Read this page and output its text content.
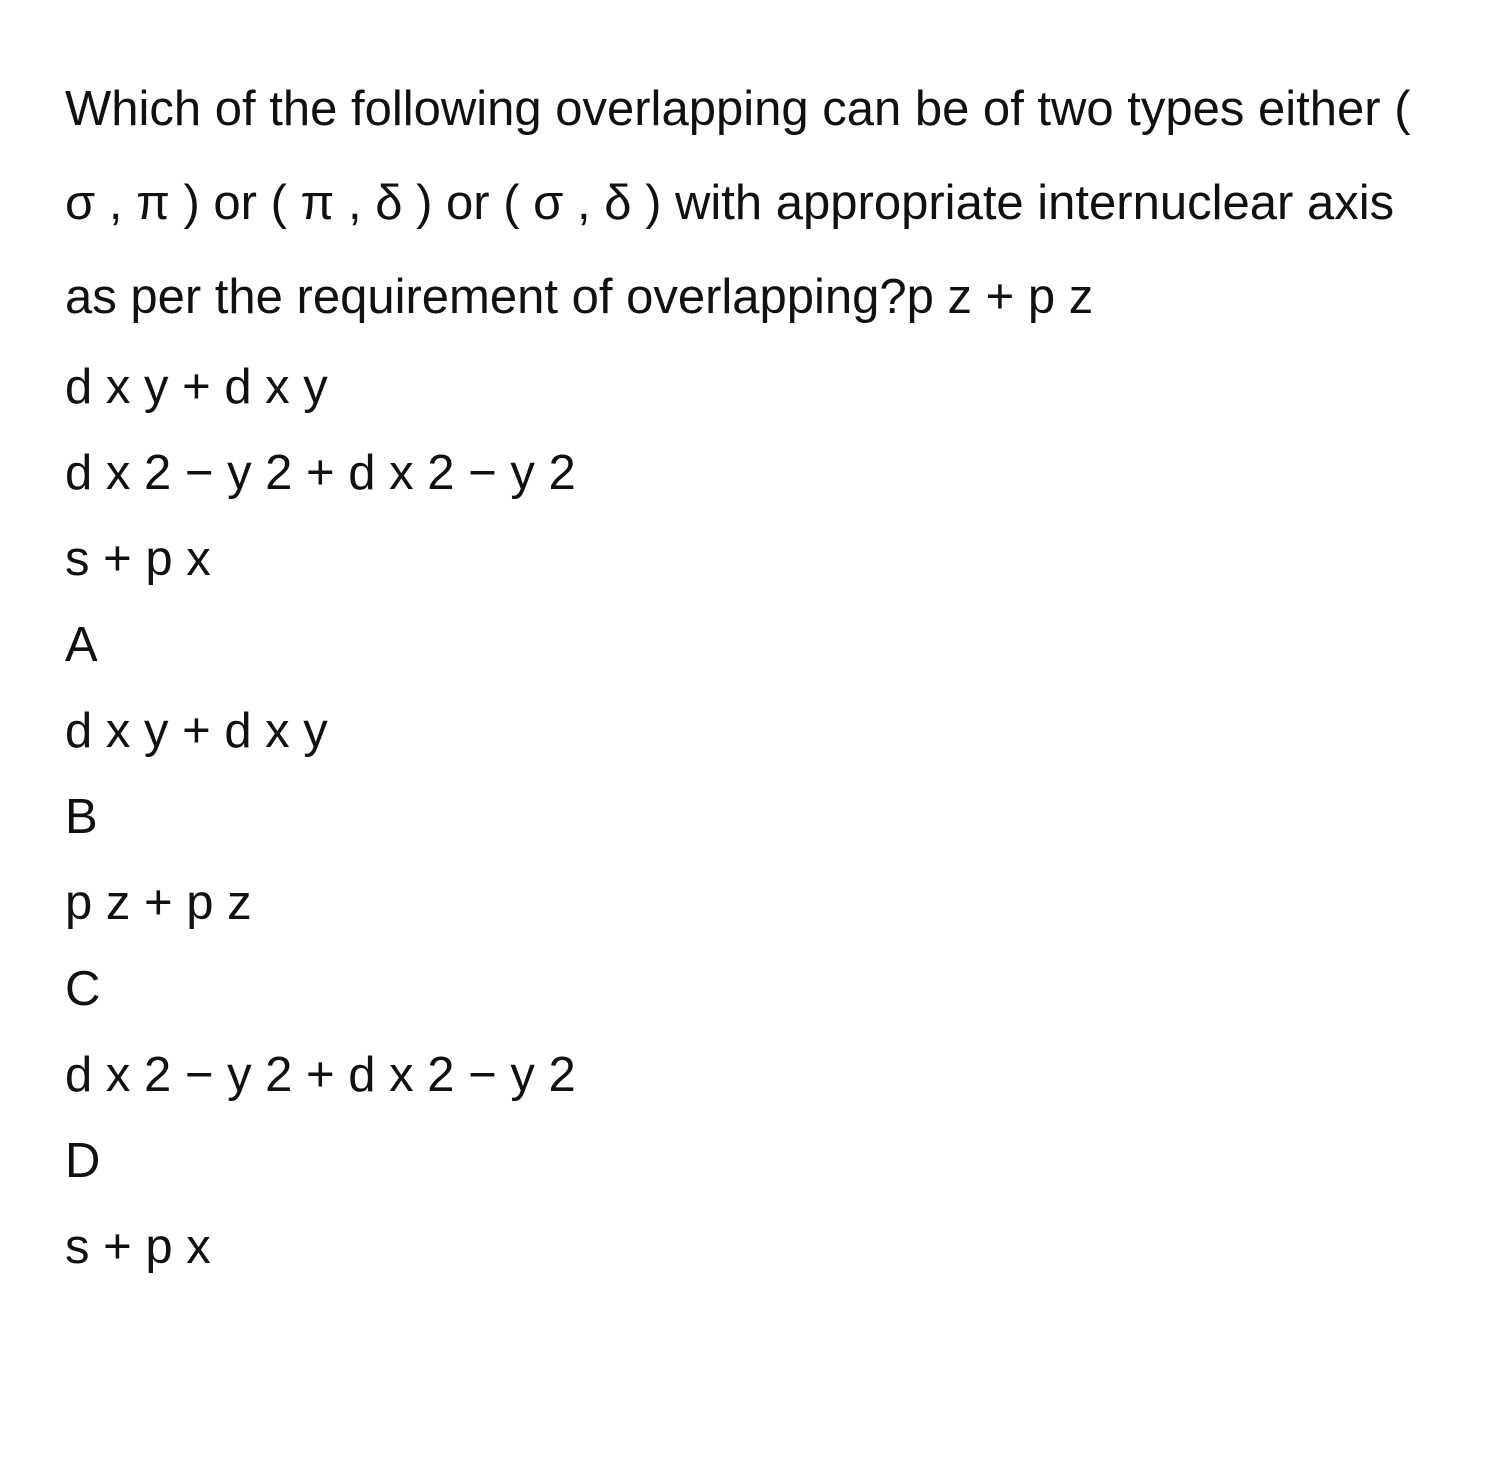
Which of the following overlapping can be of two types either ( σ , π ) or ( π , δ ) or ( σ , δ ) with appropriate internuclear axis as per the requirement of overlapping?p z + p z

d x y + d x y
d x 2 − y 2 + d x 2 − y 2
s + p x
A
d x y + d x y
B
p z + p z
C
d x 2 − y 2 + d x 2 − y 2
D
s + p x
